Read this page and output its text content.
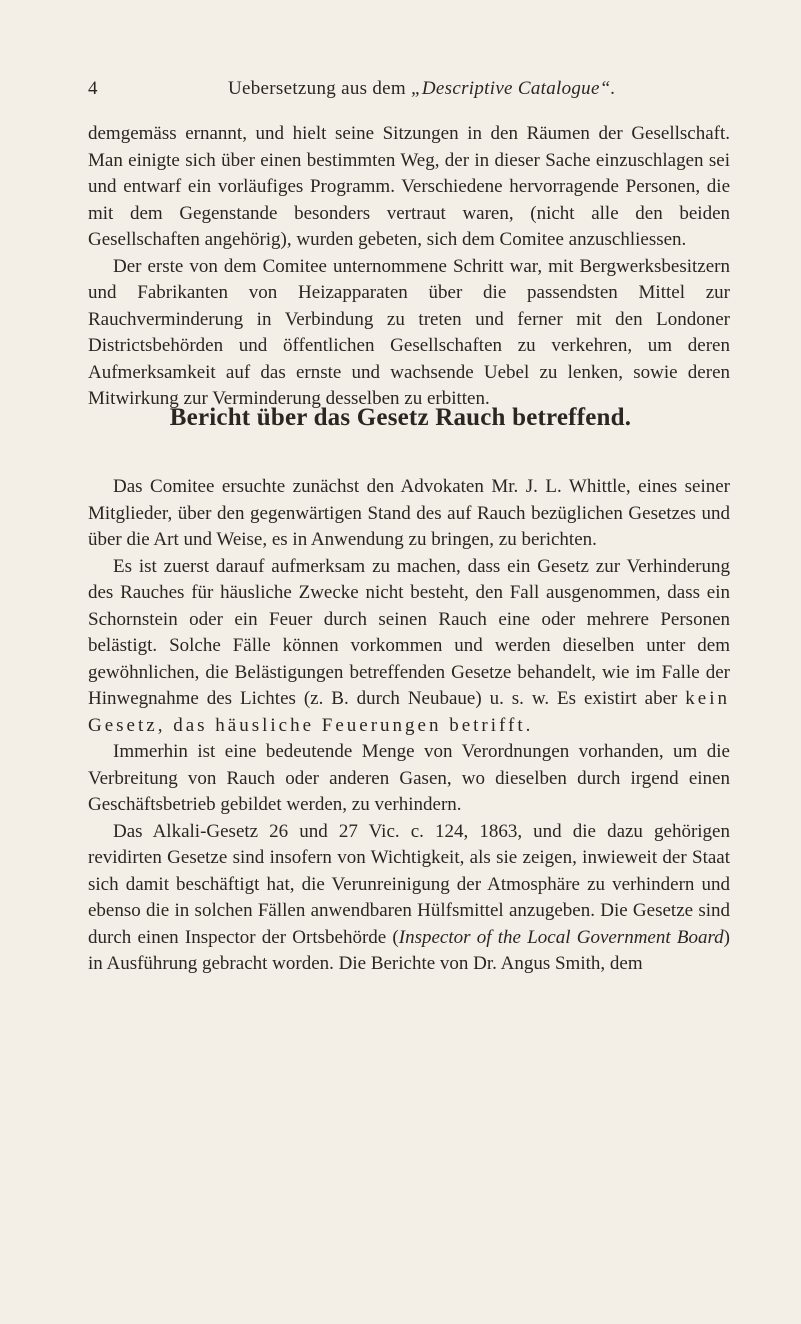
4	Uebersetzung aus dem „Descriptive Catalogue“.

demgemäss ernannt, und hielt seine Sitzungen in den Räumen der Gesellschaft. Man einigte sich über einen bestimmten Weg, der in dieser Sache einzuschlagen sei und entwarf ein vorläufiges Programm. Verschiedene hervorragende Personen, die mit dem Gegenstande besonders vertraut waren, (nicht alle den beiden Gesellschaften angehörig), wurden gebeten, sich dem Comitee anzuschliessen.

Der erste von dem Comitee unternommene Schritt war, mit Bergwerksbesitzern und Fabrikanten von Heizapparaten über die passendsten Mittel zur Rauchverminderung in Verbindung zu treten und ferner mit den Londoner Districtsbehörden und öffentlichen Gesellschaften zu verkehren, um deren Aufmerksamkeit auf das ernste und wachsende Uebel zu lenken, sowie deren Mitwirkung zur Verminderung desselben zu erbitten.

Bericht über das Gesetz Rauch betreffend.

Das Comitee ersuchte zunächst den Advokaten Mr. J. L. Whittle, eines seiner Mitglieder, über den gegenwärtigen Stand des auf Rauch bezüglichen Gesetzes und über die Art und Weise, es in Anwendung zu bringen, zu berichten.

Es ist zuerst darauf aufmerksam zu machen, dass ein Gesetz zur Verhinderung des Rauches für häusliche Zwecke nicht besteht, den Fall ausgenommen, dass ein Schornstein oder ein Feuer durch seinen Rauch eine oder mehrere Personen belästigt. Solche Fälle können vorkommen und werden dieselben unter dem gewöhnlichen, die Belästigungen betreffenden Gesetze behandelt, wie im Falle der Hinwegnahme des Lichtes (z. B. durch Neubaue) u. s. w. Es existirt aber kein Gesetz, das häusliche Feuerungen betrifft.

Immerhin ist eine bedeutende Menge von Verordnungen vorhanden, um die Verbreitung von Rauch oder anderen Gasen, wo dieselben durch irgend einen Geschäftsbetrieb gebildet werden, zu verhindern.

Das Alkali-Gesetz 26 und 27 Vic. c. 124, 1863, und die dazu gehörigen revidirten Gesetze sind insofern von Wichtigkeit, als sie zeigen, inwieweit der Staat sich damit beschäftigt hat, die Verunreinigung der Atmosphäre zu verhindern und ebenso die in solchen Fällen anwendbaren Hülfsmittel anzugeben. Die Gesetze sind durch einen Inspector der Ortsbehörde (Inspector of the Local Government Board) in Ausführung gebracht worden. Die Berichte von Dr. Angus Smith, dem
